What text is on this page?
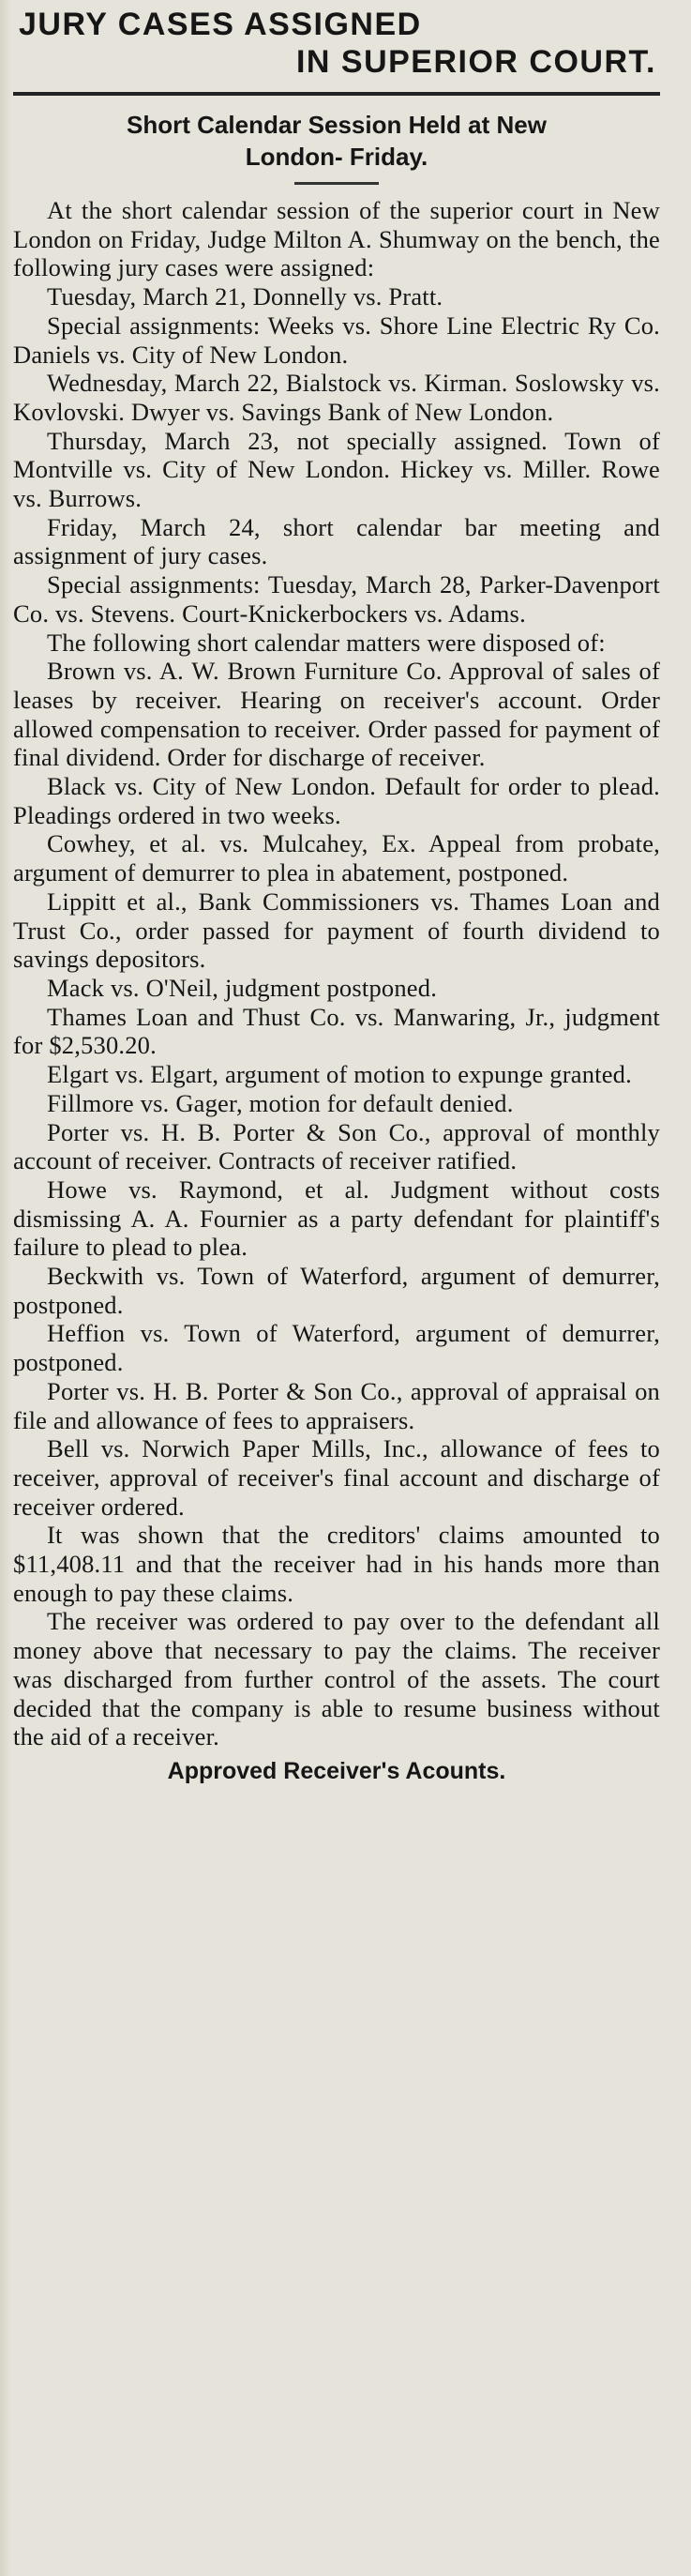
JURY CASES ASSIGNED
IN SUPERIOR COURT.
Short Calendar Session Held at New
London- Friday.

At the short calendar session of the superior court in New London on Friday, Judge Milton A. Shumway on the bench, the following jury cases were assigned:

Tuesday, March 21, Donnelly vs. Pratt.

Special assignments: Weeks vs. Shore Line Electric Ry Co. Daniels vs. City of New London.

Wednesday, March 22, Bialstock vs. Kirman. Soslowsky vs. Kovlovski. Dwyer vs. Savings Bank of New London.

Thursday, March 23, not specially assigned. Town of Montville vs. City of New London. Hickey vs. Miller. Rowe vs. Burrows.

Friday, March 24, short calendar bar meeting and assignment of jury cases.

Special assignments: Tuesday, March 28, Parker-Davenport Co. vs. Stevens. Court-Knickerbockers vs. Adams.

The following short calendar matters were disposed of:

Brown vs. A. W. Brown Furniture Co. Approval of sales of leases by receiver. Hearing on receiver's account. Order allowed compensation to receiver. Order passed for payment of final dividend. Order for discharge of receiver.

Black vs. City of New London. Default for order to plead. Pleadings ordered in two weeks.

Cowhey, et al. vs. Mulcahey, Ex. Appeal from probate, argument of demurrer to plea in abatement, postponed.

Lippitt et al., Bank Commissioners vs. Thames Loan and Trust Co., order passed for payment of fourth dividend to savings depositors.

Mack vs. O'Neil, judgment postponed.

Thames Loan and Thust Co. vs. Manwaring, Jr., judgment for $2,530.20.

Elgart vs. Elgart, argument of motion to expunge granted.

Fillmore vs. Gager, motion for default denied.

Porter vs. H. B. Porter & Son Co., approval of monthly account of receiver. Contracts of receiver ratified.

Howe vs. Raymond, et al. Judgment without costs dismissing A. A. Fournier as a party defendant for plaintiff's failure to plead to plea.

Beckwith vs. Town of Waterford, argument of demurrer, postponed.

Heffion vs. Town of Waterford, argument of demurrer, postponed.

Porter vs. H. B. Porter & Son Co., approval of appraisal on file and allowance of fees to appraisers.

Bell vs. Norwich Paper Mills, Inc., allowance of fees to receiver, approval of receiver's final account and discharge of receiver ordered.

It was shown that the creditors' claims amounted to $11,408.11 and that the receiver had in his hands more than enough to pay these claims.

The receiver was ordered to pay over to the defendant all money above that necessary to pay the claims. The receiver was discharged from further control of the assets. The court decided that the company is able to resume business without the aid of a receiver.

Approved Receiver's Acounts.
